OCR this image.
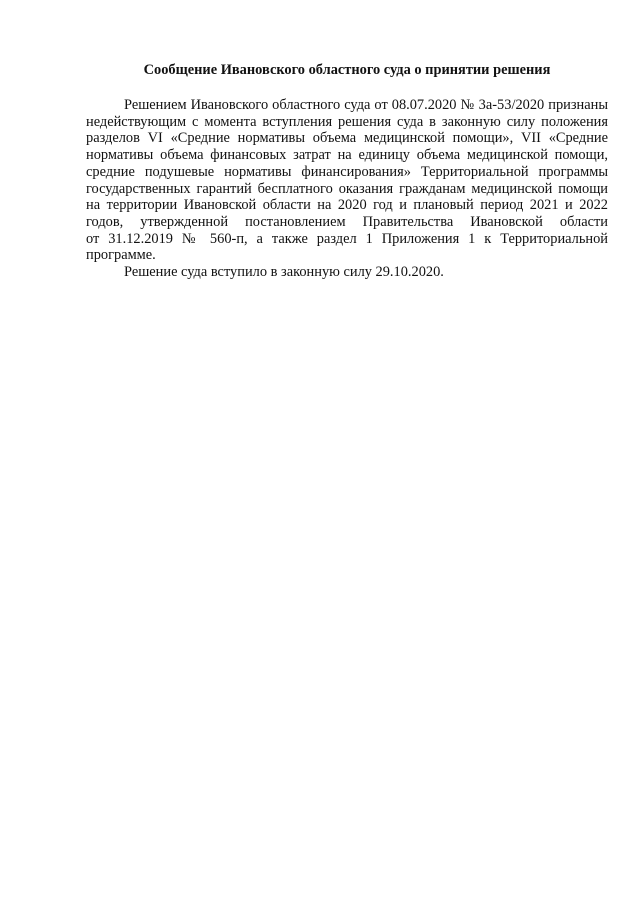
Сообщение Ивановского областного суда о принятии решения

Решением Ивановского областного суда от 08.07.2020 № 3а-53/2020 признаны
недействующим с момента вступления решения суда в законную силу положения
разделов VI «Средние нормативы объема медицинской помощи», VII «Средние
нормативы объема финансовых затрат на единицу объема медицинской помощи,
средние подушевые нормативы финансирования» Территориальной программы
государственных гарантий бесплатного оказания гражданам медицинской помощи
на территории Ивановской области на 2020 год и плановый период 2021 и 2022
годов, утвержденной постановлением Правительства Ивановской области
от 31.12.2019 № 560-п, а также раздел 1 Приложения 1 к Территориальной
программе.

Решение суда вступило в законную силу 29.10.2020.
